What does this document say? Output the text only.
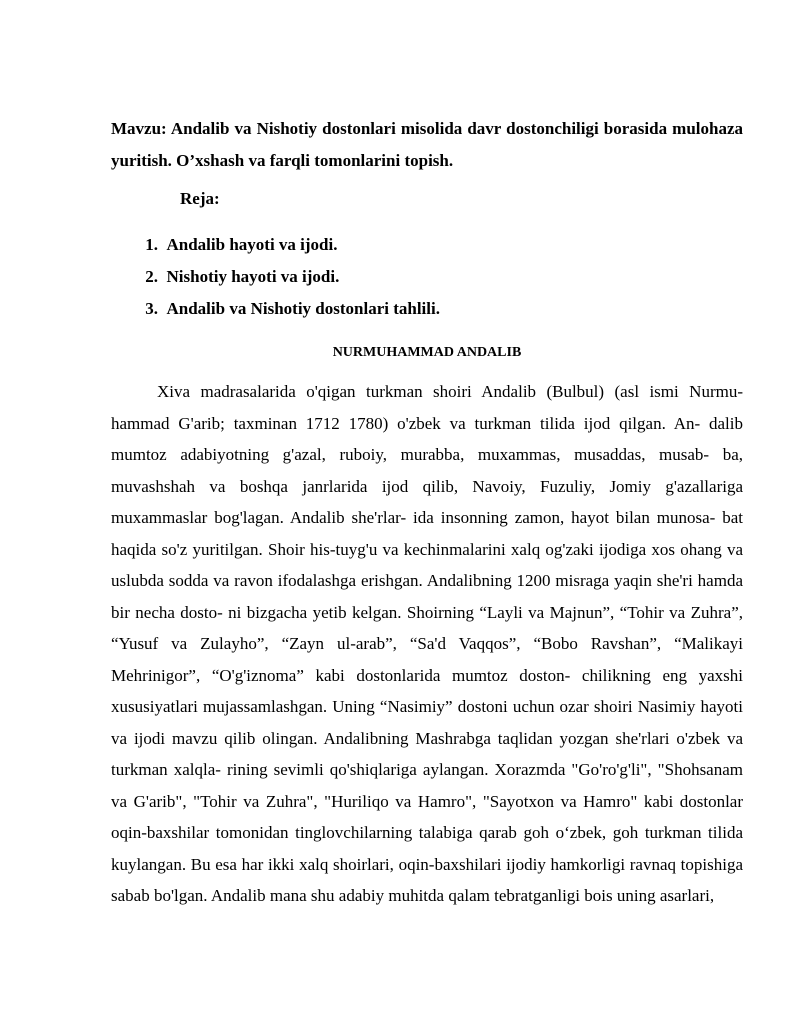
Mavzu: Andalib va Nishotiy dostonlari misolida davr dostonchiligi borasida mulohaza yuritish. O’xshash va farqli tomonlarini topish.

Reja:
1. Andalib hayoti va ijodi.
2. Nishotiy hayoti va ijodi.
3. Andalib va Nishotiy dostonlari tahlili.
NURMUHAMMAD ANDALIB

Xiva madrasalarida o'qigan turkman shoiri Andalib (Bulbul) (asl ismi Nurmu- hammad G'arib; taxminan 1712 1780) o'zbek va turkman tilida ijod qilgan. An- dalib mumtoz adabiyotning g'azal, ruboiy, murabba, muxammas, musaddas, musab- ba, muvashshah va boshqa janrlarida ijod qilib, Navoiy, Fuzuliy, Jomiy g'azallariga muxammaslar bog'lagan. Andalib she'rlar- ida insonning zamon, hayot bilan munosa- bat haqida so'z yuritilgan. Shoir his-tuyg'u va kechinmalarini xalq og'zaki ijodiga xos ohang va uslubda sodda va ravon ifodalashga erishgan. Andalibning 1200 misraga yaqin she'ri hamda bir necha dosto- ni bizgacha yetib kelgan. Shoirning “Layli va Majnun”, “Tohir va Zuhra”, “Yusuf va Zulayho”, “Zayn ul-arab”, “Sa'd Vaqqos”, “Bobo Ravshan”, “Malikayi Mehrinigor”, “O'g'iznoma” kabi dostonlarida mumtoz doston- chilikning eng yaxshi xususiyatlari mujassamlashgan. Uning “Nasimiy” dostoni uchun ozar shoiri Nasimiy hayoti va ijodi mavzu qilib olingan. Andalibning Mashrabga taqlidan yozgan she'rlari o'zbek va turkman xalqla- rining sevimli qo'shiqlariga aylangan. Xorazmda "Go'ro'g'li", "Shohsanam va G'arib", "Tohir va Zuhra", "Huriliqo va Hamro", "Sayotxon va Hamro" kabi dostonlar oqin-baxshilar tomonidan tinglovchilarning talabiga qarab goh o‘zbek, goh turkman tilida kuylangan. Bu esa har ikki xalq shoirlari, oqin-baxshilari ijodiy hamkorligi ravnaq topishiga sabab bo'lgan. Andalib mana shu adabiy muhitda qalam tebratganligi bois uning asarlari,
